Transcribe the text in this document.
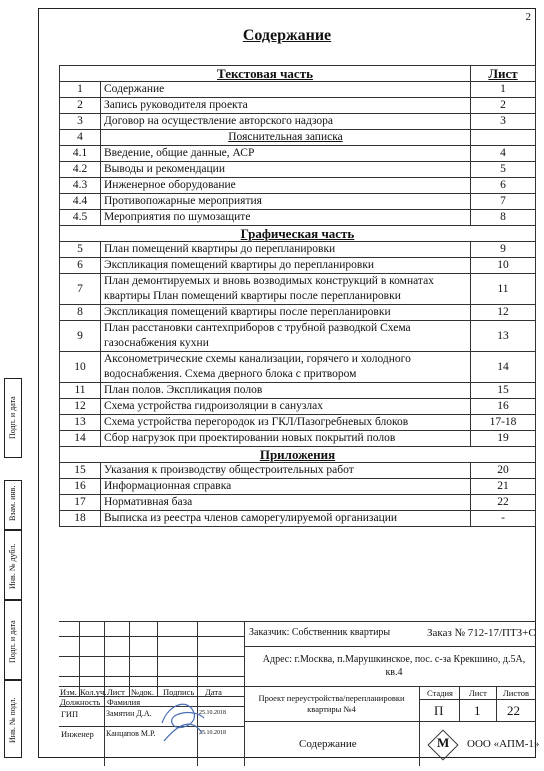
Подп. и дата
Взам. инв.
Инв. № дубл.
Подп. и дата
Инв. № подл.
2
Содержание
Текстовая часть		Лист
1	Содержание	1
2	Запись руководителя проекта	2
3	Договор на осуществление авторского надзора	3
4	Пояснительная записка	
4.1	Введение, общие данные, АСР	4
4.2	Выводы и рекомендации	5
4.3	Инженерное оборудование	6
4.4	Противопожарные мероприятия	7
4.5	Мероприятия по шумозащите	8
Графическая часть		
5	План помещений квартиры до перепланировки	9
6	Экспликация помещений квартиры до перепланировки	10
7	План демонтируемых и вновь возводимых конструкций в комнатах квартиры План помещений квартиры после перепланировки	11
8	Экспликация помещений квартиры после перепланировки	12
9	План расстановки сантехприборов с трубной разводкой Схема газоснабжения кухни	13
10	Аксонометрические схемы канализации, горячего и холодного водоснабжения. Схема дверного блока с притвором	14
11	План полов. Экспликация полов	15
12	Схема устройства гидроизоляции в санузлах	16
13	Схема устройства перегородок из ГКЛ/Пазогребневых блоков	17-18
14	Сбор нагрузок при проектировании новых покрытий полов	19
Приложения		
15	Указания к производству общестроительных работ	20
16	Информационная справка	21
17	Нормативная база	22
18	Выписка из реестра членов саморегулируемой организации	-
Заказчик: Собственник квартиры	Заказ № 712-17/ПТЗ+С
Адрес: г.Москва, п.Марушкинское, пос. с-за Крекшино, д.5А, кв.4
Изм. Кол.уч. Лист №док. Подпись Дата
Должность Фамилия
ГИП	Замятин Д.А.	25.10.2018
Инженер Канцапов М.Р.	25.10.2018
Проект переустройства/перепланировки квартиры №4
Стадия Лист Листов
П 1 22
Содержание	М ООО «АПМ-1»
